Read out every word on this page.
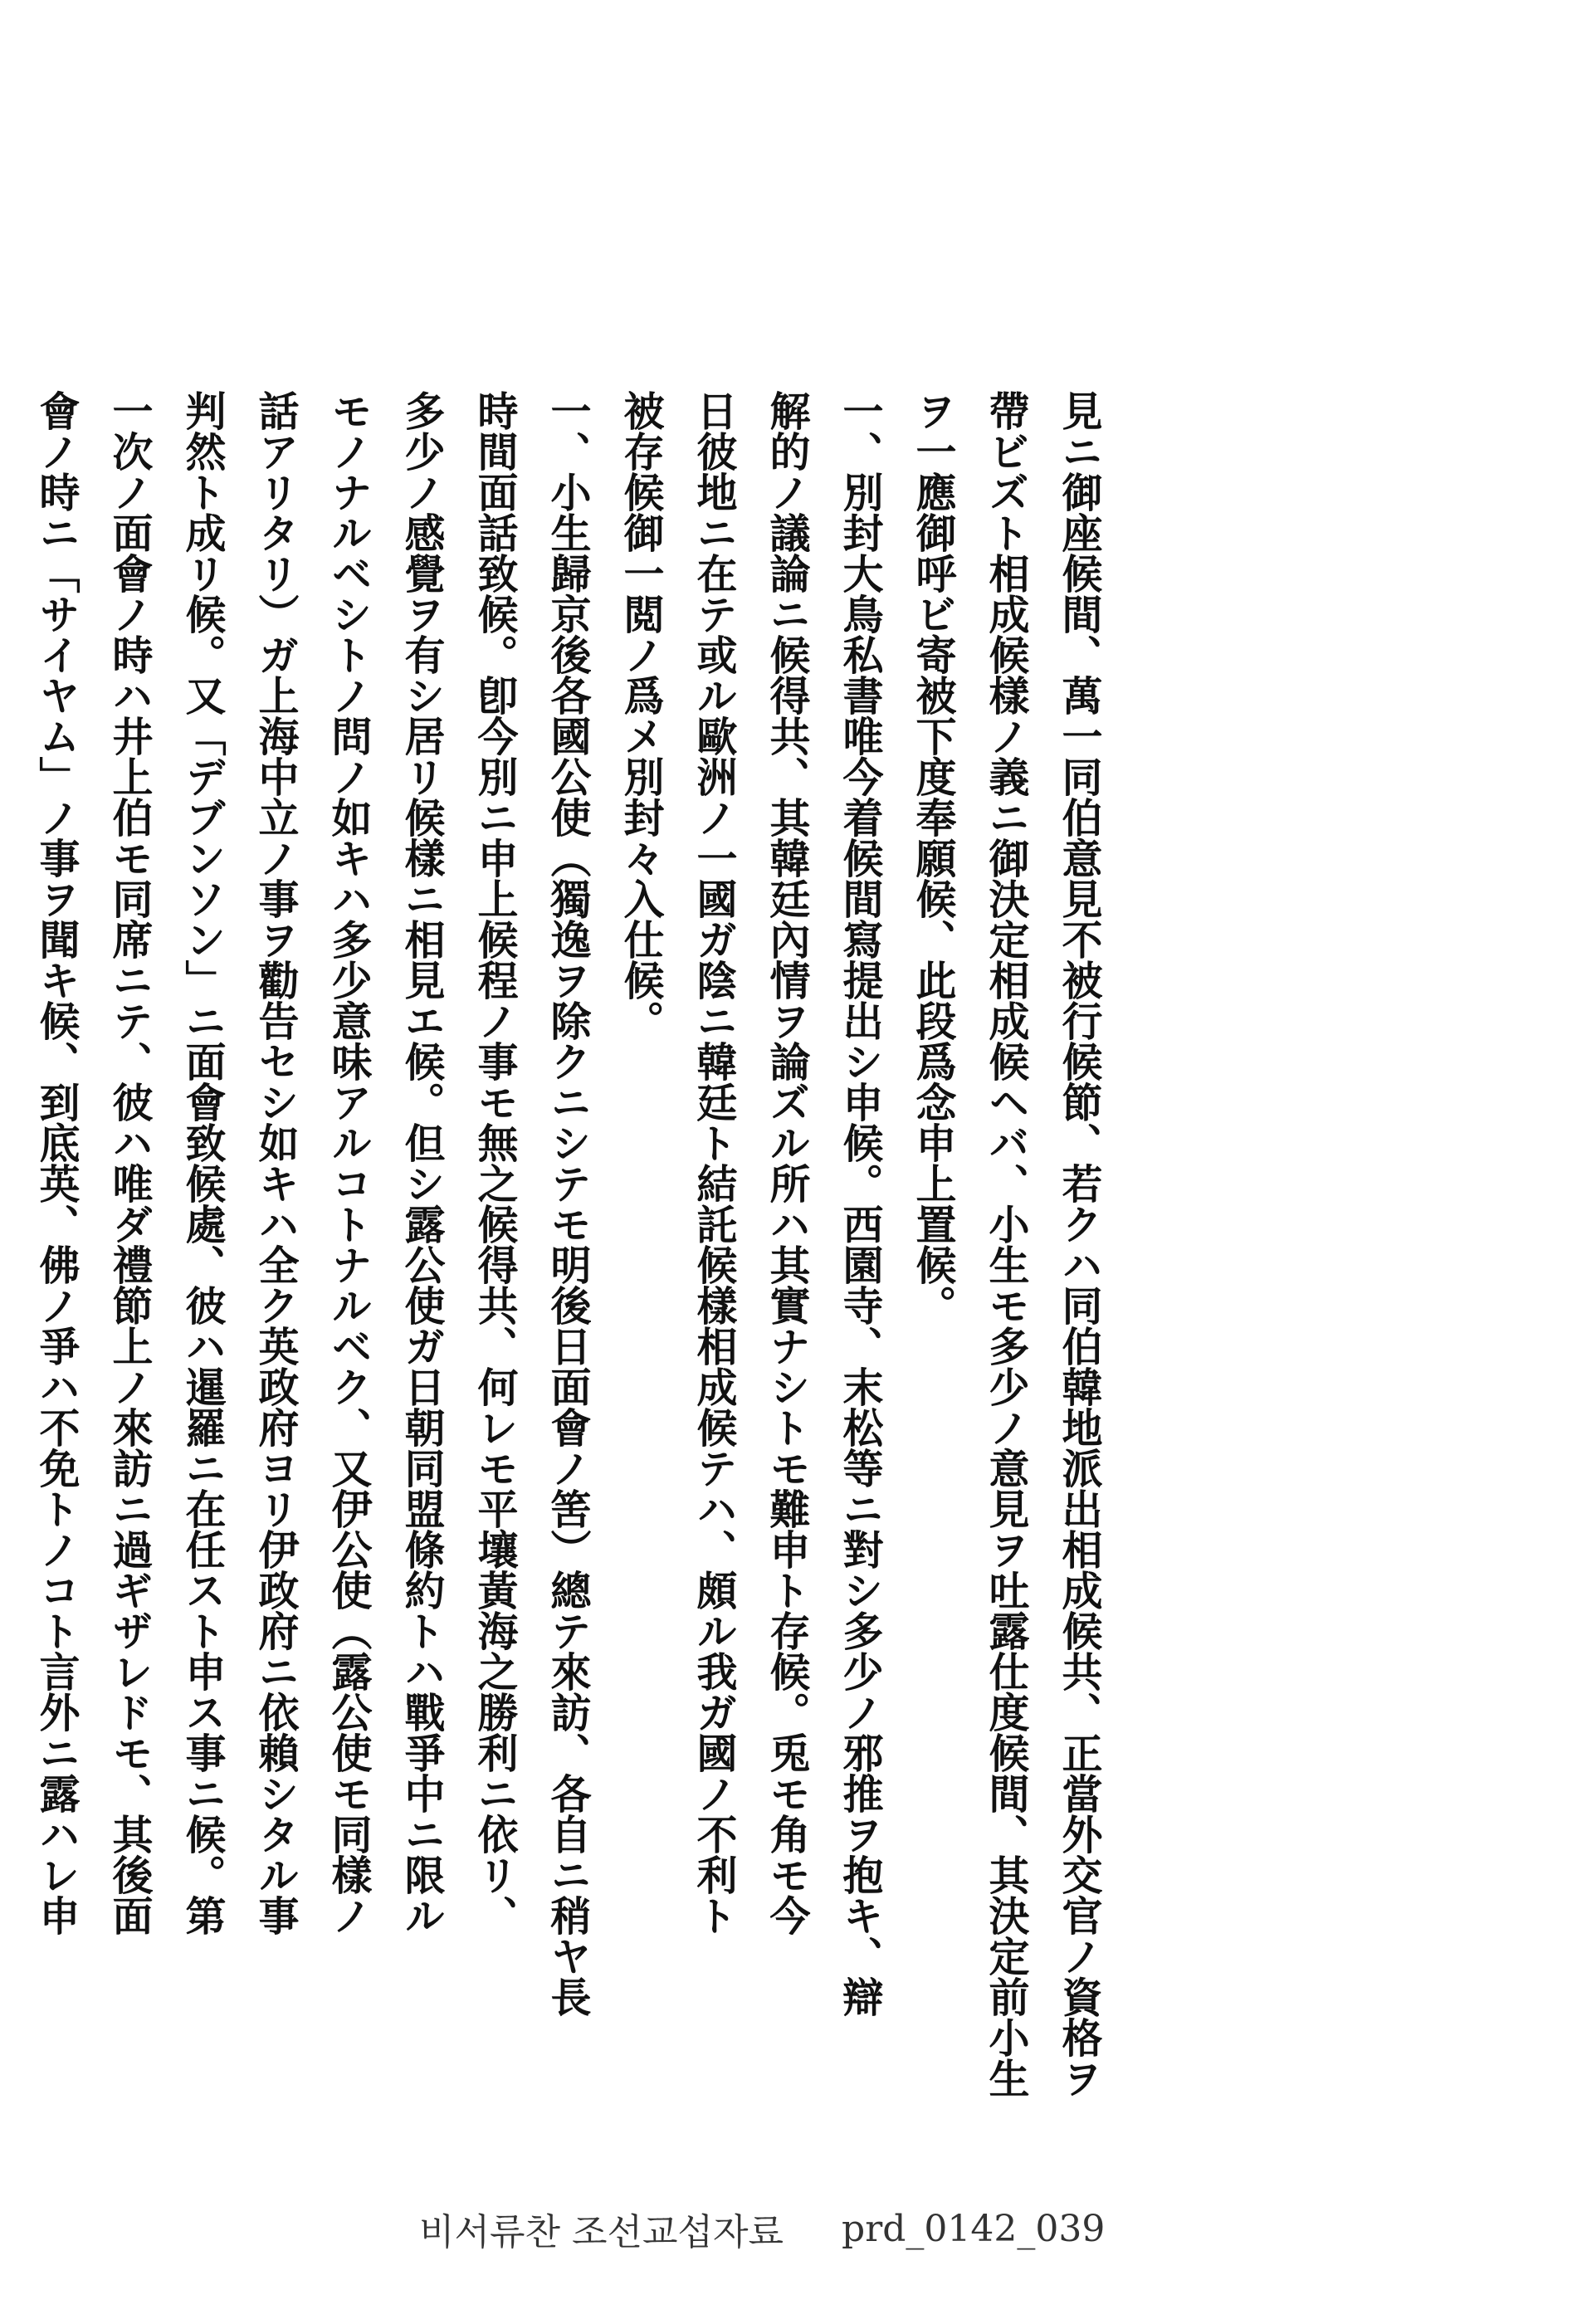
見ニ御座候間、萬一同伯意見不被行候節、若クハ同伯韓地派出相成候共、正當外交官ノ資格ヲ
帶ビズト相成候樣ノ義ニ御決定相成候ヘバ、小生モ多少ノ意見ヲ吐露仕度候間、其決定前小生
ヲ一應御呼ビ寄被下度奉願候、此段爲念申上置候。
一、別封大鳥私書唯今着候間寫提出シ申候。西園寺、末松等ニ對シ多少ノ邪推ヲ抱キ、辯
解的ノ議論ニ候得共、其韓廷內情ヲ論ズル所ハ其實ナシトモ難申ト存候。兎モ角モ今
日彼地ニ在テ或ル歐洲ノ一國ガ陰ニ韓廷ト結託候樣相成候テハ、頗ル我ガ國ノ不利ト
被存候御一閲ノ爲メ別封々入仕候。
一、小生歸京後各國公使（獨逸ヲ除クニシテモ明後日面會ノ筈）總テ來訪、各自ニ稍ヤ長
時間面話致候。卽今別ニ申上候程ノ事モ無之候得共、何レモ平壤黃海之勝利ニ依リ、
多少ノ感覺ヲ有シ居リ候樣ニ相見エ候。但シ露公使ガ日朝同盟條約トハ戰爭中ニ限ル
モノナルベシトノ問ノ如キハ多少意味アルコトナルベク、又伊公使（露公使モ同樣ノ
話アリタリ）ガ上海中立ノ事ヲ勸告セシ如キハ全ク英政府ヨリ伊政府ニ依賴シタル事
判然ト成リ候。又「デブンソン」ニ面會致候處、彼ハ暹羅ニ在任スト申ス事ニ候。第
一次ノ面會ノ時ハ井上伯モ同席ニテ、彼ハ唯ダ禮節上ノ來訪ニ過ギザレドモ、其後面
會ノ時ニ「サイヤム」ノ事ヲ聞キ候、到底英、佛ノ爭ハ不免トノコト言外ニ露ハレ申
비서류찬 조선교섭자료 prd_0142_039
